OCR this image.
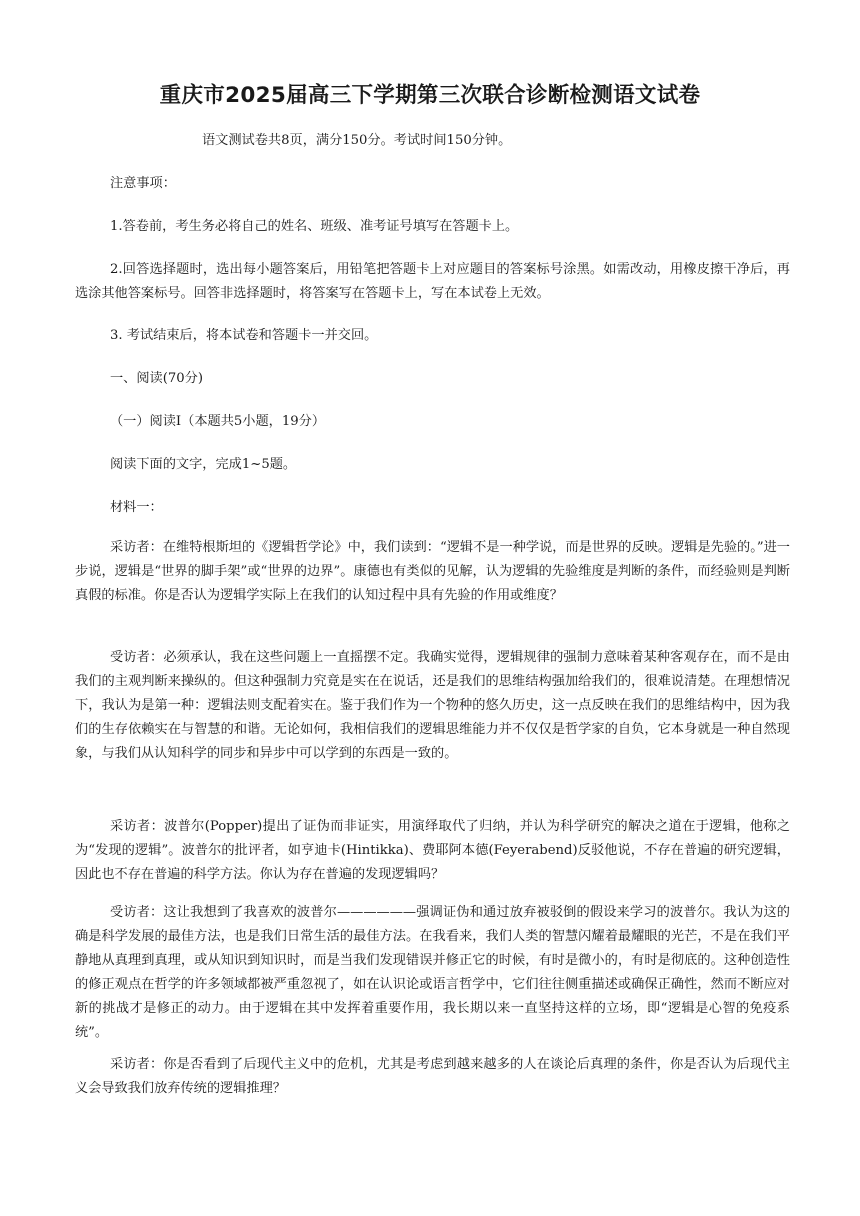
重庆市2025届高三下学期第三次联合诊断检测语文试卷
语文测试卷共8页，满分150分。考试时间150分钟。
注意事项：
1.答卷前，考生务必将自己的姓名、班级、准考证号填写在答题卡上。
2.回答选择题时，选出每小题答案后，用铅笔把答题卡上对应题目的答案标号涂黑。如需改动，用橡皮擦干净后，再选涂其他答案标号。回答非选择题时，将答案写在答题卡上，写在本试卷上无效。
3. 考试结束后，将本试卷和答题卡一并交回。
一、阅读(70分)
（一）阅读Ⅰ（本题共5小题，19分）
阅读下面的文字，完成1~5题。
材料一：
采访者：在维特根斯坦的《逻辑哲学论》中，我们读到：“逻辑不是一种学说，而是世界的反映。逻辑是先验的。”进一步说，逻辑是“世界的脚手架”或“世界的边界”。康德也有类似的见解，认为逻辑的先验维度是判断的条件，而经验则是判断真假的标准。你是否认为逻辑学实际上在我们的认知过程中具有先验的作用或维度？
受访者：必须承认，我在这些问题上一直摇摆不定。我确实觉得，逻辑规律的强制力意味着某种客观存在，而不是由我们的主观判断来操纵的。但这种强制力究竟是实在在说话，还是我们的思维结构强加给我们的，很难说清楚。在理想情况下，我认为是第一种：逻辑法则支配着实在。鉴于我们作为一个物种的悠久历史，这一点反映在我们的思维结构中，因为我们的生存依赖实在与智慧的和谐。无论如何，我相信我们的逻辑思维能力并不仅仅是哲学家的自负，它本身就是一种自然现象，与我们从认知科学的同步和异步中可以学到的东西是一致的。
采访者：波普尔(Popper)提出了证伪而非证实，用演绎取代了归纳，并认为科学研究的解决之道在于逻辑，他称之为“发现的逻辑”。波普尔的批评者，如亨迪卡(Hintikka)、费耶阿本德(Feyerabend)反驳他说，不存在普遍的研究逻辑，因此也不存在普遍的科学方法。你认为存在普遍的发现逻辑吗？
受访者：这让我想到了我喜欢的波普尔——————强调证伪和通过放弃被驳倒的假设来学习的波普尔。我认为这的确是科学发展的最佳方法，也是我们日常生活的最佳方法。在我看来，我们人类的智慧闪耀着最耀眼的光芒，不是在我们平静地从真理到真理，或从知识到知识时，而是当我们发现错误并修正它的时候，有时是微小的，有时是彻底的。这种创造性的修正观点在哲学的许多领域都被严重忽视了，如在认识论或语言哲学中，它们往往侧重描述或确保正确性，然而不断应对新的挑战才是修正的动力。由于逻辑在其中发挥着重要作用，我长期以来一直坚持这样的立场，即“逻辑是心智的免疫系统”。
采访者：你是否看到了后现代主义中的危机，尤其是考虑到越来越多的人在谈论后真理的条件，你是否认为后现代主义会导致我们放弃传统的逻辑推理？
